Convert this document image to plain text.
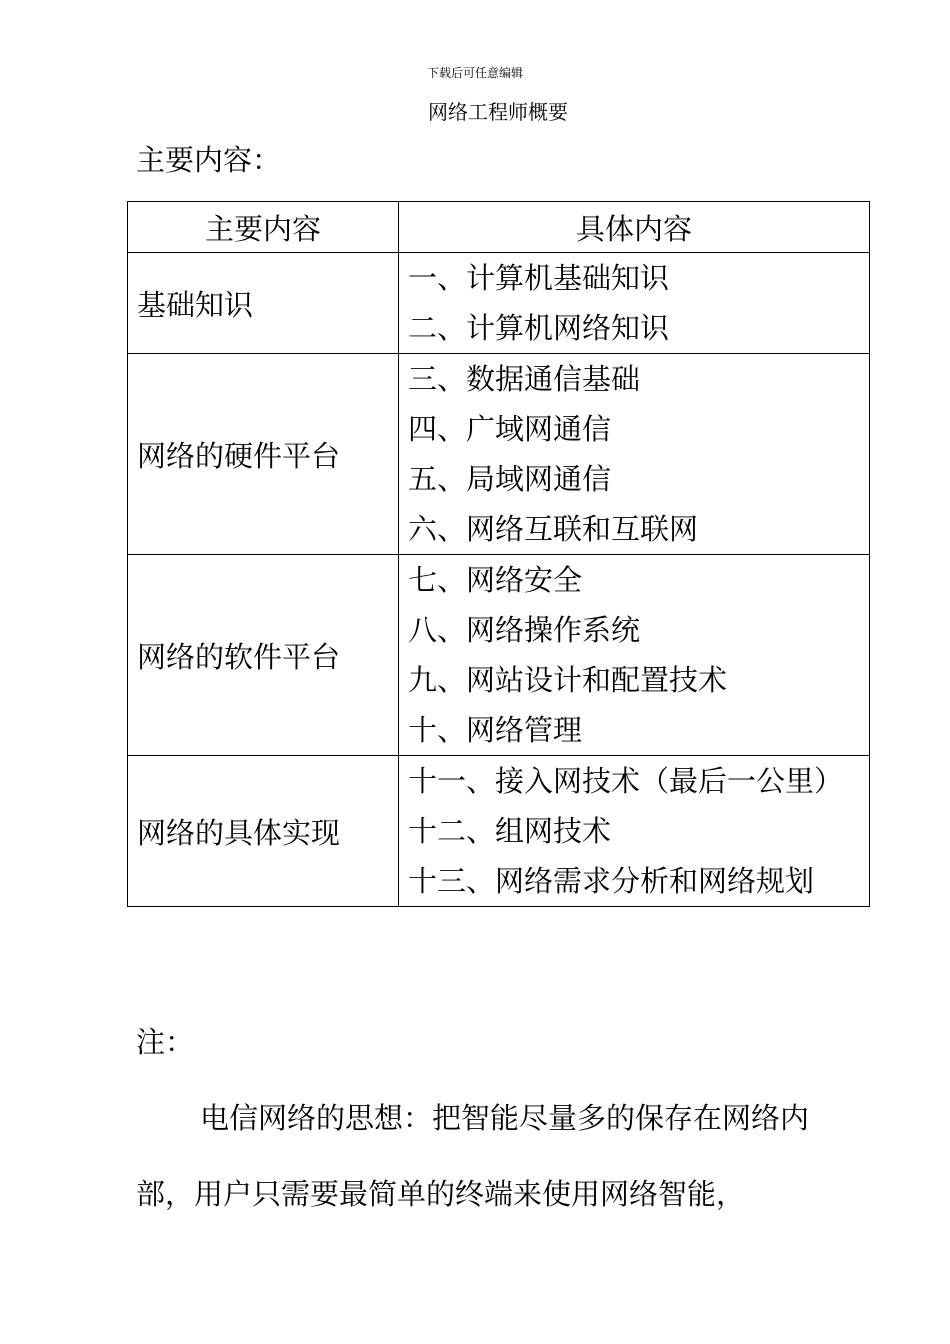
下载后可任意编辑
网络工程师概要
主要内容：
主要内容	具体内容
基础知识	一、计算机基础知识
二、计算机网络知识

网络的硬件平台	三、数据通信基础
四、广域网通信
五、局域网通信
六、网络互联和互联网

网络的软件平台	七、网络安全
八、网络操作系统
九、网站设计和配置技术
十、网络管理

网络的具体实现	十一、接入网技术（最后一公里）
十二、组网技术
十三、网络需求分析和网络规划
注：
电信网络的思想：把智能尽量多的保存在网络内部，用户只需要最简单的终端来使用网络智能，
